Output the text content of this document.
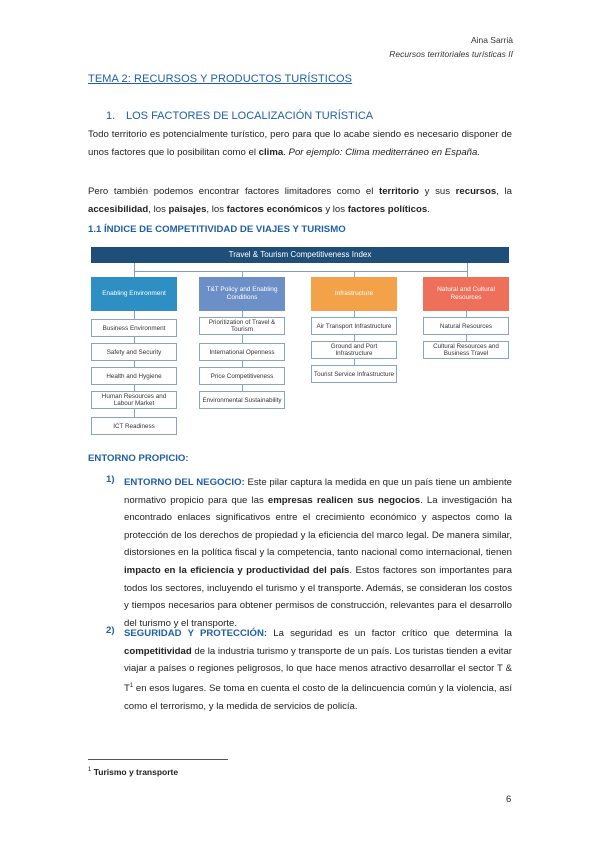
Aina Sarrià
Recursos territoriales turísticas II
TEMA 2: RECURSOS Y PRODUCTOS TURÍSTICOS
1. LOS FACTORES DE LOCALIZACIÓN TURÍSTICA
Todo territorio es potencialmente turístico, pero para que lo acabe siendo es necesario disponer de unos factores que lo posibilitan como el clima. Por ejemplo: Clima mediterráneo en España.
Pero también podemos encontrar factores limitadores como el territorio y sus recursos, la accesibilidad, los paisajes, los factores económicos y los factores políticos.
1.1 ÍNDICE DE COMPETITIVIDAD DE VIAJES Y TURISMO
Travel & Tourism Competitiveness Index
Enabling Environment
T&T Policy and Enabling Conditions
Infrastructure
Natural and Cultural Resources
Business Environment
Safety and Security
Health and Hygiene
Human Resources and Labour Market
ICT Readiness
Prioritization of Travel & Tourism
International Openness
Price Competitiveness
Environmental Sustainability
Air Transport Infrastructure
Ground and Port Infrastructure
Tourist Service Infrastructure
Natural Resources
Cultural Resources and Business Travel
ENTORNO PROPICIO:
1) ENTORNO DEL NEGOCIO: Este pilar captura la medida en que un país tiene un ambiente normativo propicio para que las empresas realicen sus negocios. La investigación ha encontrado enlaces significativos entre el crecimiento económico y aspectos como la protección de los derechos de propiedad y la eficiencia del marco legal. De manera similar, distorsiones en la política fiscal y la competencia, tanto nacional como internacional, tienen impacto en la eficiencia y productividad del país. Estos factores son importantes para todos los sectores, incluyendo el turismo y el transporte. Además, se consideran los costos y tiempos necesarios para obtener permisos de construcción, relevantes para el desarrollo del turismo y el transporte.
2) SEGURIDAD Y PROTECCIÓN: La seguridad es un factor crítico que determina la competitividad de la industria turismo y transporte de un país. Los turistas tienden a evitar viajar a países o regiones peligrosos, lo que hace menos atractivo desarrollar el sector T & $T^1$ en esos lugares. Se toma en cuenta el costo de la delincuencia común y la violencia, así como el terrorismo, y la medida de servicios de policía.
$^1$ Turismo y transporte
6
